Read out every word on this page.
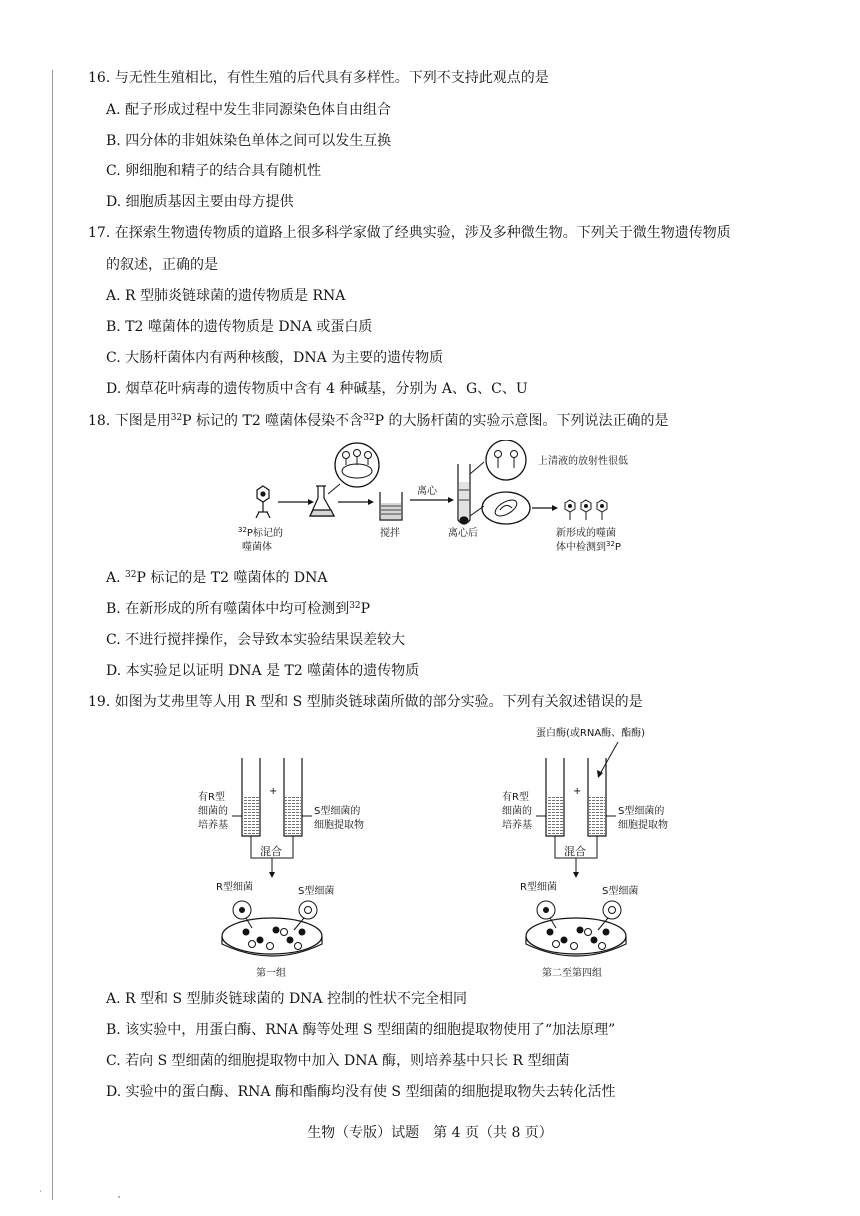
16. 与无性生殖相比，有性生殖的后代具有多样性。下列不支持此观点的是
A. 配子形成过程中发生非同源染色体自由组合
B. 四分体的非姐妹染色单体之间可以发生互换
C. 卵细胞和精子的结合具有随机性
D. 细胞质基因主要由母方提供
17. 在探索生物遗传物质的道路上很多科学家做了经典实验，涉及多种微生物。下列关于微生物遗传物质
的叙述，正确的是
A. R 型肺炎链球菌的遗传物质是 RNA
B. T2 噬菌体的遗传物质是 DNA 或蛋白质
C. 大肠杆菌体内有两种核酸，DNA 为主要的遗传物质
D. 烟草花叶病毒的遗传物质中含有 4 种碱基，分别为 A、G、C、U
18. 下图是用$^{32}$P 标记的 T2 噬菌体侵染不含$^{32}$P 的大肠杆菌的实验示意图。下列说法正确的是
搅拌
离心
离心后
上清液的放射性很低
新形成的噬菌
体中检测到$^{32}$P
$^{32}$P标记的
噬菌体
A. $^{32}$P 标记的是 T2 噬菌体的 DNA
B. 在新形成的所有噬菌体中均可检测到$^{32}$P
C. 不进行搅拌操作，会导致本实验结果误差较大
D. 本实验足以证明 DNA 是 T2 噬菌体的遗传物质
19. 如图为艾弗里等人用 R 型和 S 型肺炎链球菌所做的部分实验。下列有关叙述错误的是
+
有R型
细菌的
培养基
S型细菌的
细胞提取物
混合
R型细菌	S型细菌
第一组
蛋白酶(或RNA酶、酯酶)
+
有R型
细菌的
培养基
S型细菌的
细胞提取物
混合
R型细菌	S型细菌
第二至第四组
A. R 型和 S 型肺炎链球菌的 DNA 控制的性状不完全相同
B. 该实验中，用蛋白酶、RNA 酶等处理 S 型细菌的细胞提取物使用了“加法原理”
C. 若向 S 型细菌的细胞提取物中加入 DNA 酶，则培养基中只长 R 型细菌
D. 实验中的蛋白酶、RNA 酶和酯酶均没有使 S 型细菌的细胞提取物失去转化活性
生物（专版）试题　第 4 页（共 8 页）
